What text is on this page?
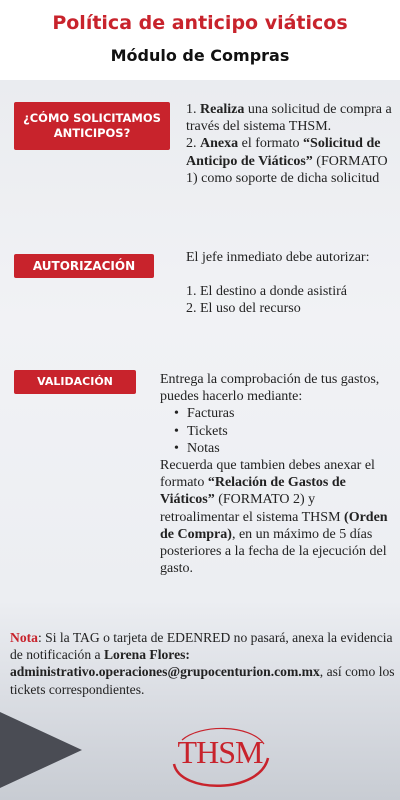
Política de anticipo viáticos
Módulo de Compras
¿CÓMO SOLICITAMOS
ANTICIPOS?
1. Realiza una solicitud de compra a través del sistema THSM.
2. Anexa el formato “Solicitud de Anticipo de Viáticos” (FORMATO 1) como soporte de dicha solicitud
AUTORIZACIÓN
El jefe inmediato debe autorizar:
1. El destino a donde asistirá
2. El uso del recurso
VALIDACIÓN	Entrega la comprobación de tus gastos, puedes hacerlo mediante:
• Facturas
• Tickets
• Notas
Recuerda que tambien debes anexar el formato “Relación de Gastos de Viáticos” (FORMATO 2) y retroalimentar el sistema THSM (Orden de Compra), en un máximo de 5 días posteriores a la fecha de la ejecución del gasto.
Nota: Si la TAG o tarjeta de EDENRED no pasará, anexa la evidencia de notificación a Lorena Flores: administrativo.operaciones@grupocenturion.com.mx, así como los tickets correspondientes.
THSM
